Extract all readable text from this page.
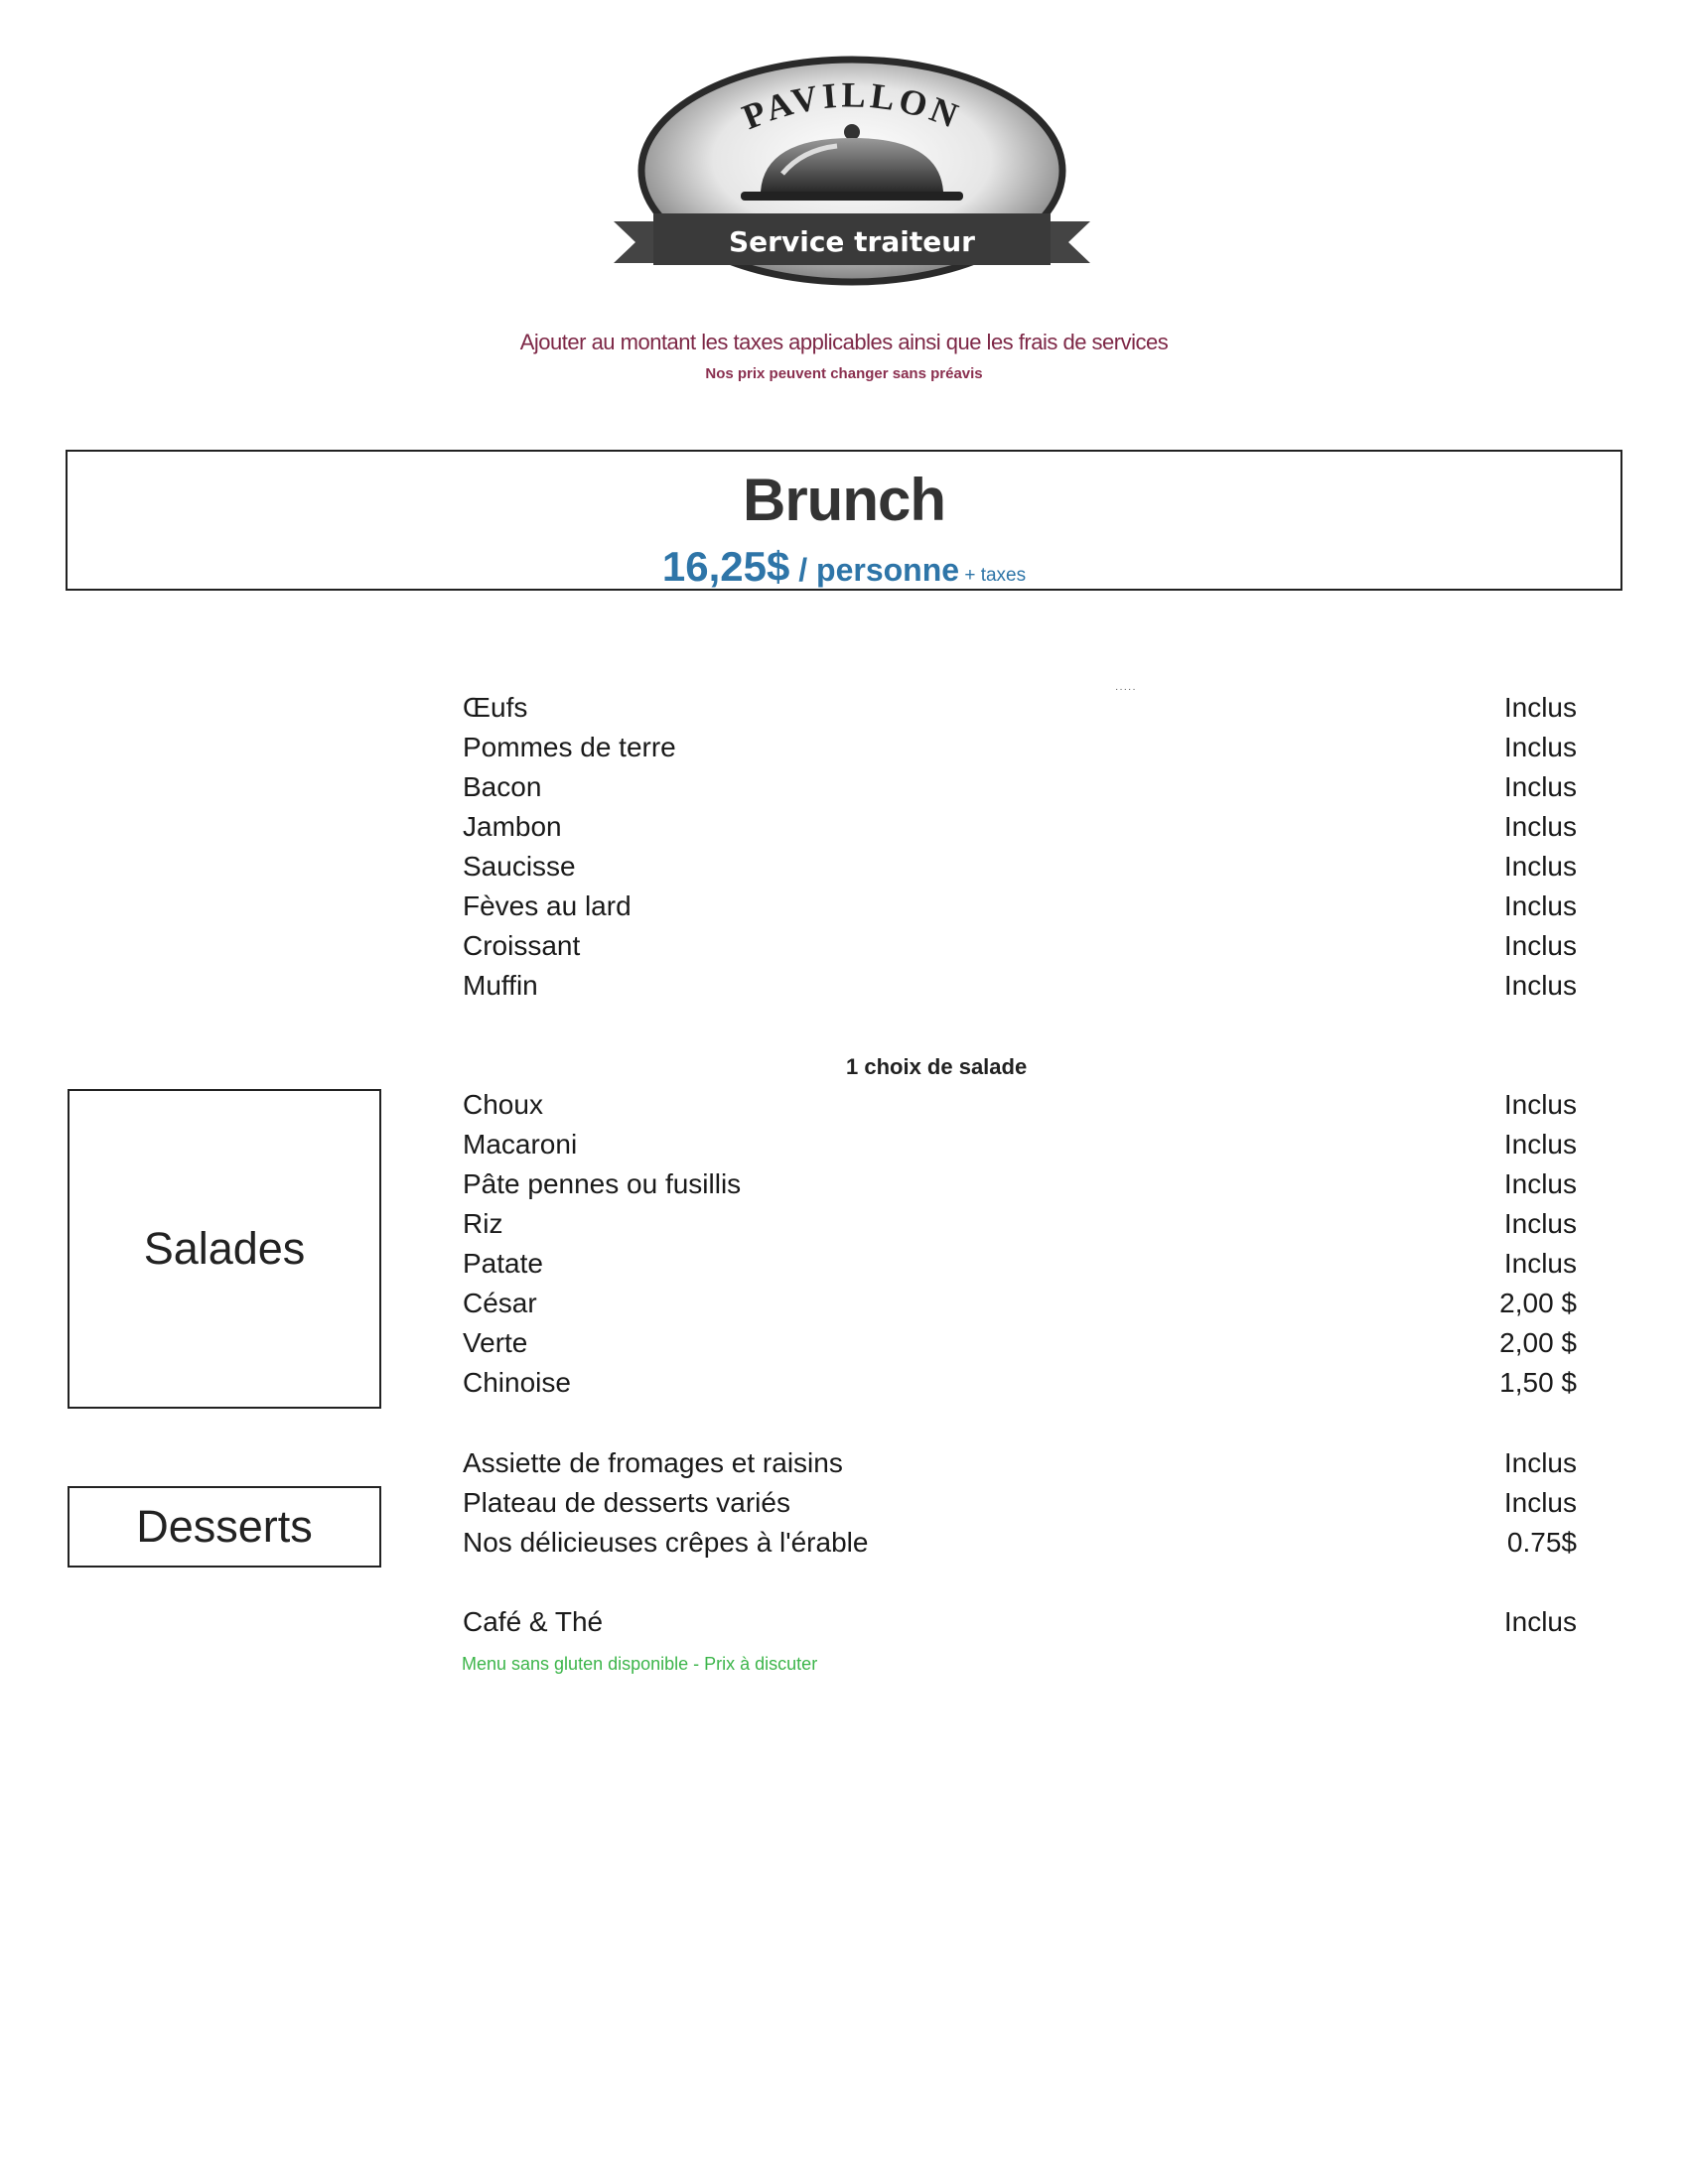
Service traiteur
PAVILLON
Ajouter au montant les taxes applicables ainsi que les frais de services
Nos prix peuvent changer sans préavis
Brunch
16,25$ / personne + taxes
·····
Œufs	Inclus
Pommes de terre	Inclus
Bacon	Inclus
Jambon	Inclus
Saucisse	Inclus
Fèves au lard	Inclus
Croissant	Inclus
Muffin	Inclus
1 choix de salade
Salades
Choux	Inclus
Macaroni	Inclus
Pâte pennes ou fusillis	Inclus
Riz	Inclus
Patate	Inclus
César	2,00 $
Verte	2,00 $
Chinoise	1,50 $
Desserts
Assiette de fromages et raisins	Inclus
Plateau de desserts variés	Inclus
Nos délicieuses crêpes à l'érable	0.75$
Café & Thé	Inclus
Menu sans gluten disponible - Prix à discuter
